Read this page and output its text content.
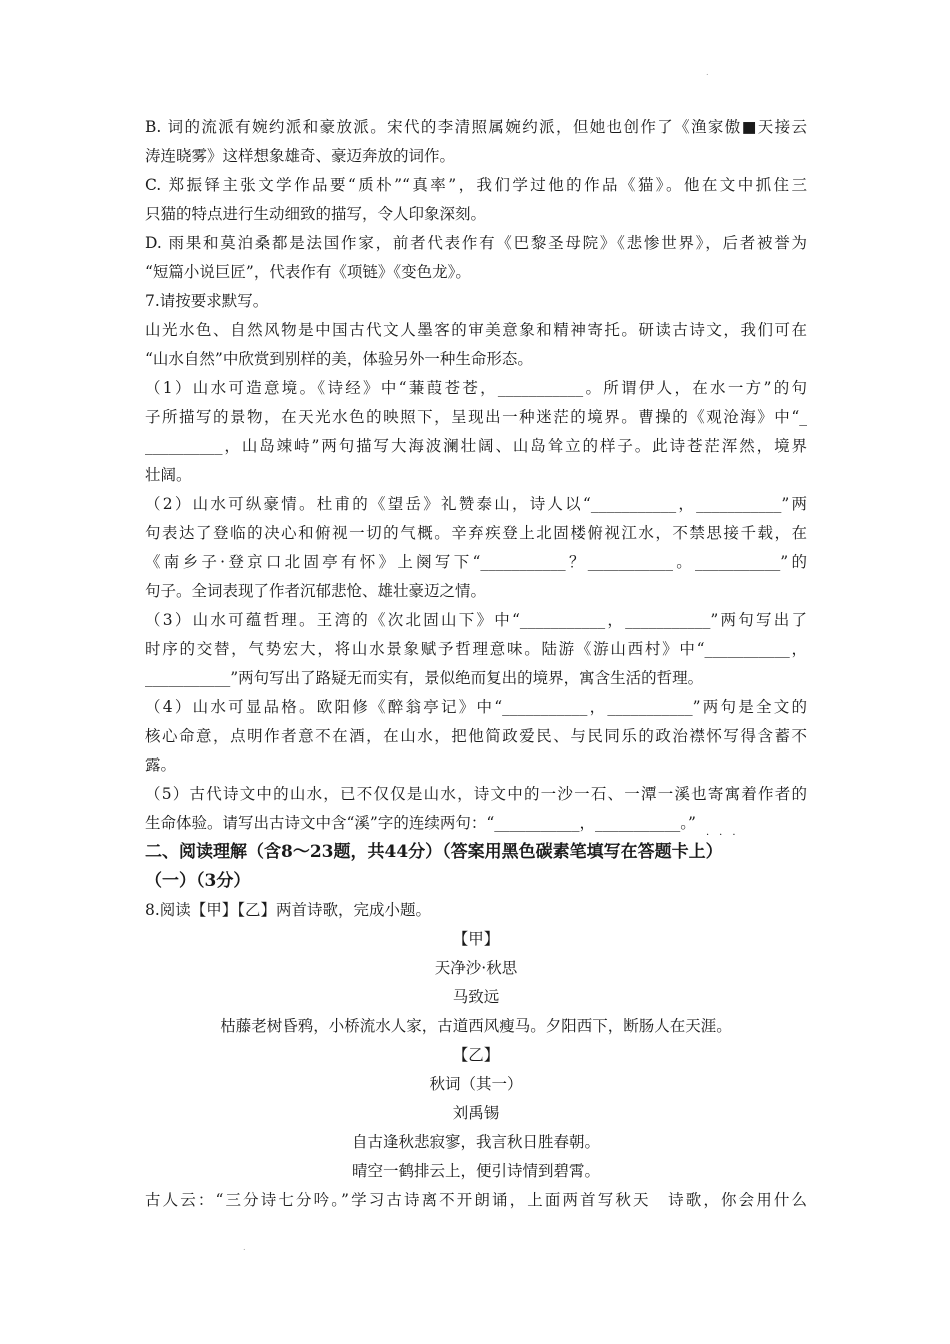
.
B. 词的流派有婉约派和豪放派。宋代的李清照属婉约派，但她也创作了《渔家傲■天接云
涛连晓雾》这样想象雄奇、豪迈奔放的词作。
C. 郑振铎主张文学作品要“质朴”“真率”，我们学过他的作品《猫》。他在文中抓住三
只猫的特点进行生动细致的描写，令人印象深刻。
D. 雨果和莫泊桑都是法国作家，前者代表作有《巴黎圣母院》《悲惨世界》，后者被誉为
“短篇小说巨匠”，代表作有《项链》《变色龙》。
7.请按要求默写。
山光水色、自然风物是中国古代文人墨客的审美意象和精神寄托。研读古诗文，我们可在
“山水自然”中欣赏到别样的美，体验另外一种生命形态。
（1）山水可造意境。《诗经》中“蒹葭苍苍，___________。所谓伊人，在水一方”的句
子所描写的景物，在天光水色的映照下，呈现出一种迷茫的境界。曹操的《观沧海》中“_
__________，山岛竦峙”两句描写大海波澜壮阔、山岛耸立的样子。此诗苍茫浑然，境界
壮阔。
（2）山水可纵豪情。杜甫的《望岳》礼赞泰山，诗人以“___________，___________”两
句表达了登临的决心和俯视一切的气概。辛弃疾登上北固楼俯视江水，不禁思接千载，在
《南乡子·登京口北固亭有怀》上阕写下“___________？___________。___________”的
句子。全词表现了作者沉郁悲怆、雄壮豪迈之情。
（3）山水可蕴哲理。王湾的《次北固山下》中“___________，___________”两句写出了
时序的交替，气势宏大，将山水景象赋予哲理意味。陆游《游山西村》中“___________，
___________”两句写出了路疑无而实有，景似绝而复出的境界，寓含生活的哲理。
（4）山水可显品格。欧阳修《醉翁亭记》中“___________，___________”两句是全文的
核心命意，点明作者意不在酒，在山水，把他简政爱民、与民同乐的政治襟怀写得含蓄不
露。
（5）古代诗文中的山水，已不仅仅是山水，诗文中的一沙一石、一潭一溪也寄寓着作者的
生命体验。请写出古诗文中含“溪”字的连续两句：“___________，___________。”
二、阅读理解（含8～23题，共44分）（答案用黑色碳素笔填写在答题卡上）
（一）（3分）
8.阅读【甲】【乙】两首诗歌，完成小题。
【甲】
天净沙·秋思
马致远
枯藤老树昏鸦，小桥流水人家，古道西风瘦马。夕阳西下，断肠人在天涯。
【乙】
秋词（其一）
刘禹锡
自古逢秋悲寂寥，我言秋日胜春朝。
晴空一鹤排云上，便引诗情到碧霄。
古人云：“三分诗七分吟。”学习古诗离不开朗诵，上面两首写秋天　诗歌，你会用什么
···
.
